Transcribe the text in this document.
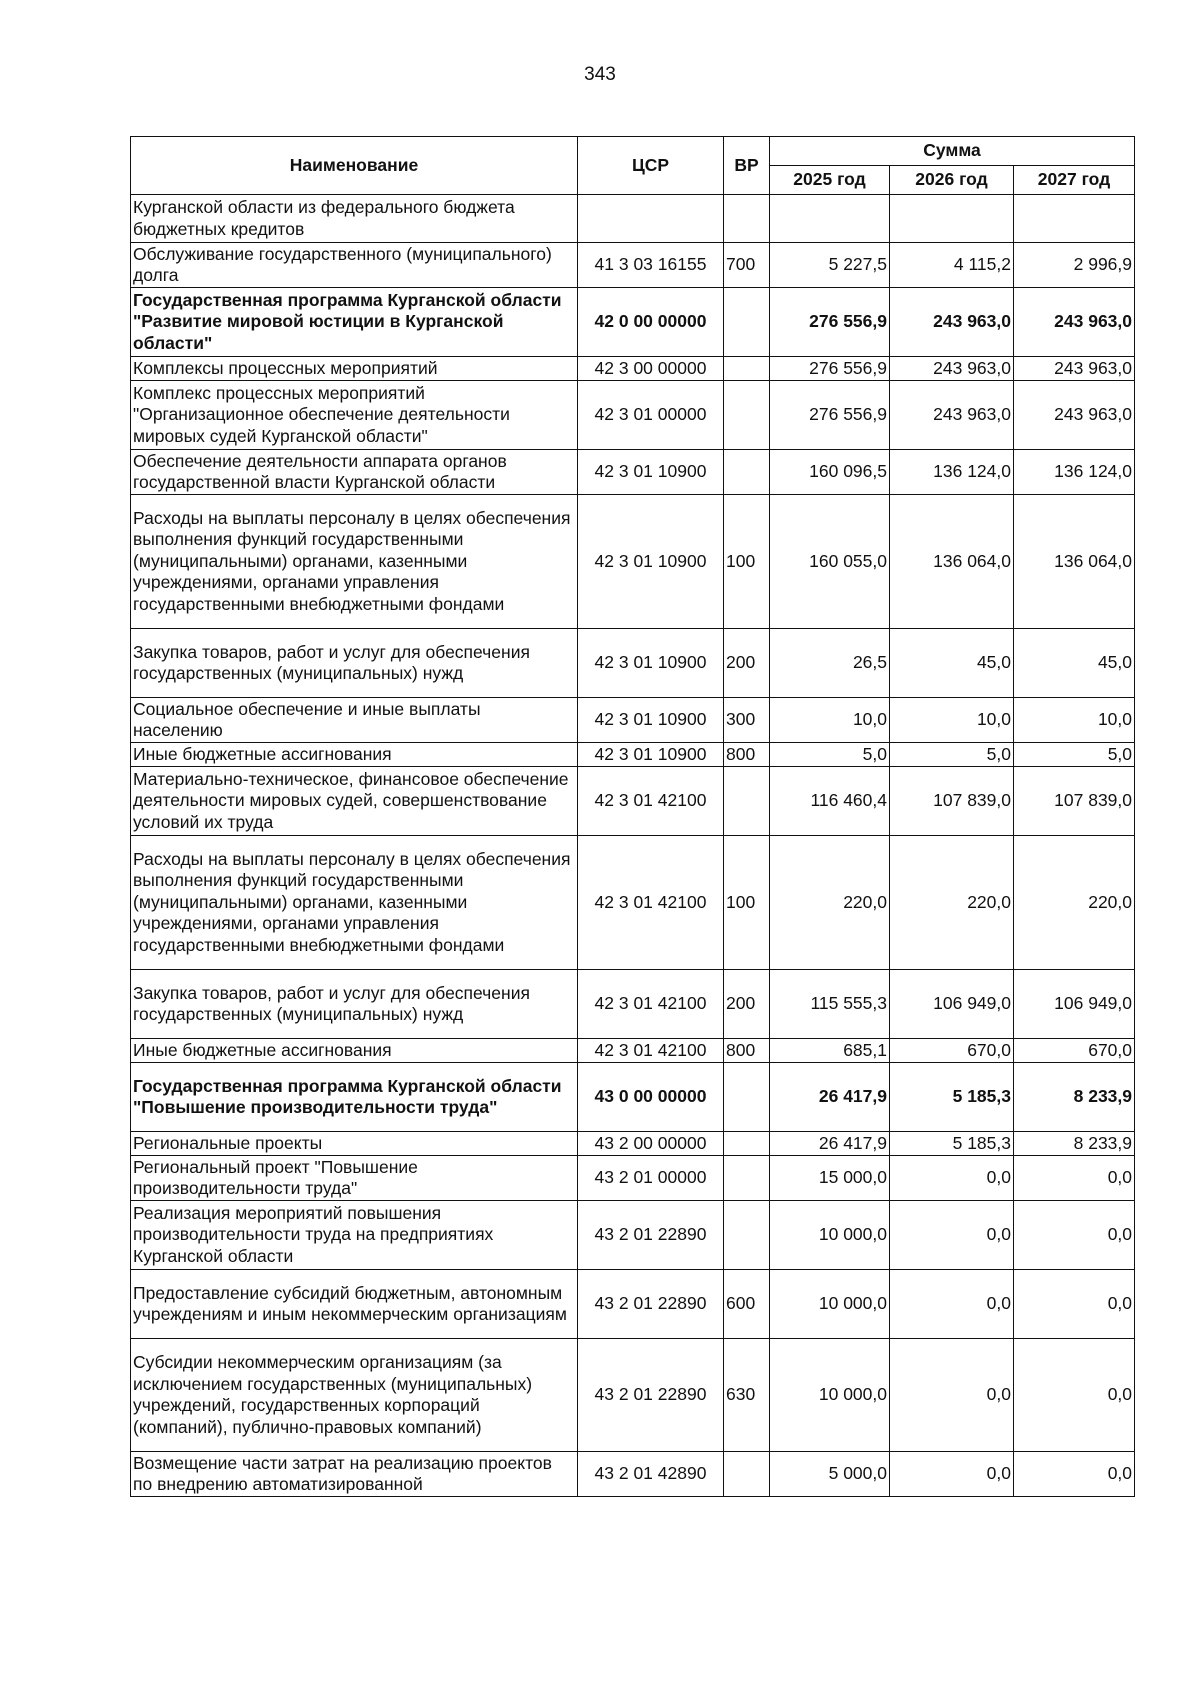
343
Наименование	ЦСР	ВР	Сумма		
			2025 год	2026 год	2027 год
Курганской области из федерального бюджета бюджетных кредитов					
Обслуживание государственного (муниципального) долга	41 3 03 16155	700	5 227,5	4 115,2	2 996,9
Государственная программа Курганской области "Развитие мировой юстиции в Курганской области"	42 0 00 00000		276 556,9	243 963,0	243 963,0
Комплексы процессных мероприятий	42 3 00 00000		276 556,9	243 963,0	243 963,0
Комплекс процессных мероприятий "Организационное обеспечение деятельности мировых судей Курганской области"	42 3 01 00000		276 556,9	243 963,0	243 963,0
Обеспечение деятельности аппарата органов государственной власти Курганской области	42 3 01 10900		160 096,5	136 124,0	136 124,0
Расходы на выплаты персоналу в целях обеспечения выполнения функций государственными (муниципальными) органами, казенными учреждениями, органами управления государственными внебюджетными фондами	42 3 01 10900	100	160 055,0	136 064,0	136 064,0
Закупка товаров, работ и услуг для обеспечения государственных (муниципальных) нужд	42 3 01 10900	200	26,5	45,0	45,0
Социальное обеспечение и иные выплаты населению	42 3 01 10900	300	10,0	10,0	10,0
Иные бюджетные ассигнования	42 3 01 10900	800	5,0	5,0	5,0
Материально-техническое, финансовое обеспечение деятельности мировых судей, совершенствование условий их труда	42 3 01 42100		116 460,4	107 839,0	107 839,0
Расходы на выплаты персоналу в целях обеспечения выполнения функций государственными (муниципальными) органами, казенными учреждениями, органами управления государственными внебюджетными фондами	42 3 01 42100	100	220,0	220,0	220,0
Закупка товаров, работ и услуг для обеспечения государственных (муниципальных) нужд	42 3 01 42100	200	115 555,3	106 949,0	106 949,0
Иные бюджетные ассигнования	42 3 01 42100	800	685,1	670,0	670,0
Государственная программа Курганской области "Повышение производительности труда"	43 0 00 00000		26 417,9	5 185,3	8 233,9
Региональные проекты	43 2 00 00000		26 417,9	5 185,3	8 233,9
Региональный проект "Повышение производительности труда"	43 2 01 00000		15 000,0	0,0	0,0
Реализация мероприятий повышения производительности труда на предприятиях Курганской области	43 2 01 22890		10 000,0	0,0	0,0
Предоставление субсидий бюджетным, автономным учреждениям и иным некоммерческим организациям	43 2 01 22890	600	10 000,0	0,0	0,0
Субсидии некоммерческим организациям (за исключением государственных (муниципальных) учреждений, государственных корпораций (компаний), публично-правовых компаний)	43 2 01 22890	630	10 000,0	0,0	0,0
Возмещение части затрат на реализацию проектов по внедрению автоматизированной	43 2 01 42890		5 000,0	0,0	0,0
